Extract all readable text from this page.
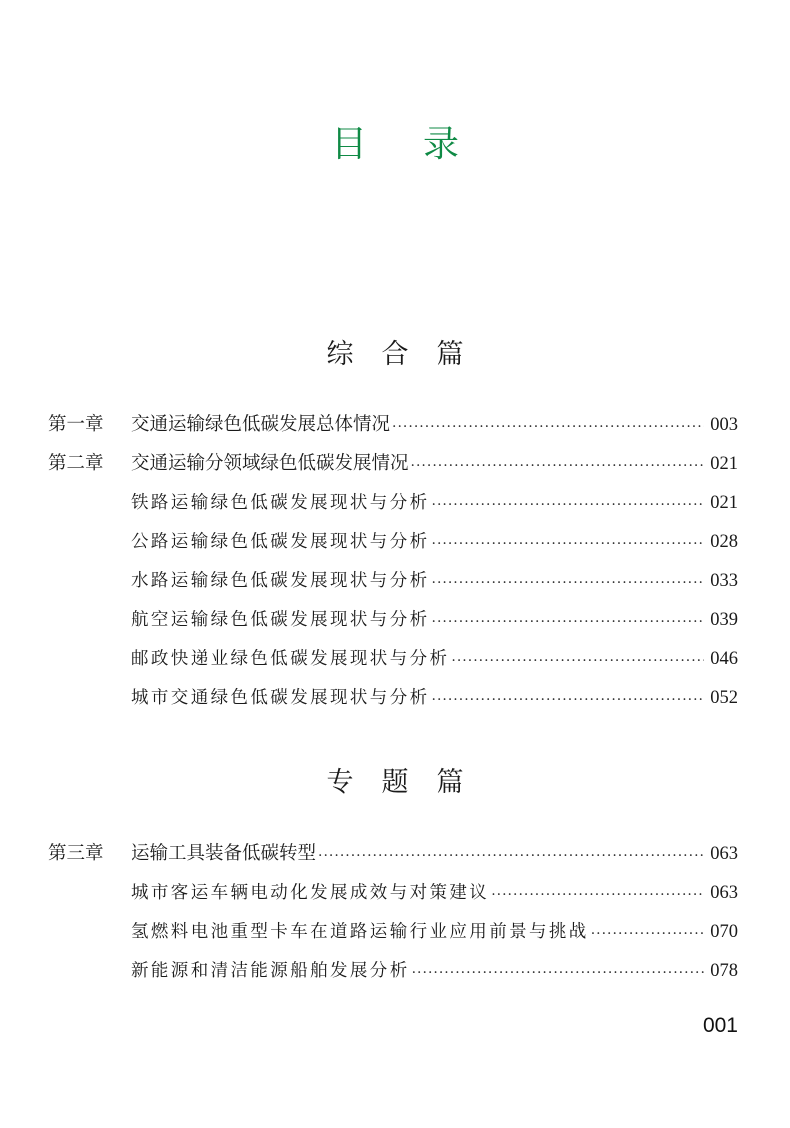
目录
综合篇
第一章 交通运输绿色低碳发展总体情况 ·····	003
第二章 交通运输分领域绿色低碳发展情况 ·····	021
铁路运输绿色低碳发展现状与分析 ·····	021
公路运输绿色低碳发展现状与分析 ·····	028
水路运输绿色低碳发展现状与分析 ·····	033
航空运输绿色低碳发展现状与分析 ·····	039
邮政快递业绿色低碳发展现状与分析 ·····	046
城市交通绿色低碳发展现状与分析 ·····	052
专题篇
第三章 运输工具装备低碳转型 ·····	063
城市客运车辆电动化发展成效与对策建议 ·····	063
氢燃料电池重型卡车在道路运输行业应用前景与挑战 ·····	070
新能源和清洁能源船舶发展分析 ·····	078
001
